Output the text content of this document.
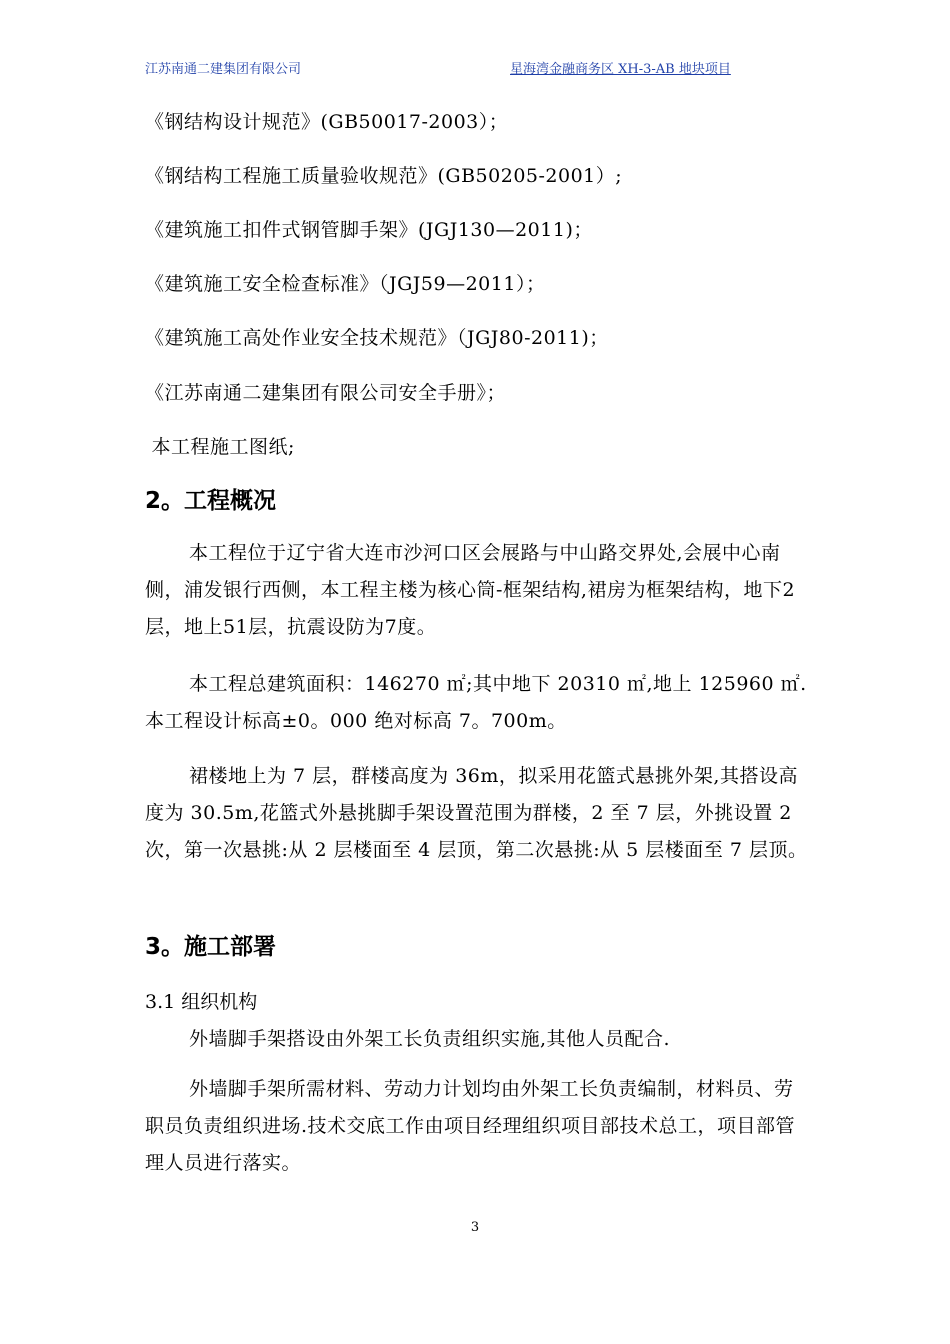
江苏南通二建集团有限公司	星海湾金融商务区 XH-3-AB 地块项目
《钢结构设计规范》(GB50017-2003）；
《钢结构工程施工质量验收规范》(GB50205-2001）;
《建筑施工扣件式钢管脚手架》(JGJ130—2011)；
《建筑施工安全检查标准》（JGJ59—2011）；
《建筑施工高处作业安全技术规范》（JGJ80-2011)；
《江苏南通二建集团有限公司安全手册》；
本工程施工图纸;
2。工程概况
本工程位于辽宁省大连市沙河口区会展路与中山路交界处,会展中心南侧，浦发银行西侧，本工程主楼为核心筒-框架结构,裙房为框架结构，地下2层，地上51层，抗震设防为7度。
本工程总建筑面积：146270 ㎡;其中地下 20310 ㎡,地上 125960 ㎡.本工程设计标高±0。000 绝对标高 7。700m。
裙楼地上为 7 层，群楼高度为 36m，拟采用花篮式悬挑外架,其搭设高度为 30.5m,花篮式外悬挑脚手架设置范围为群楼，2 至 7 层，外挑设置 2 次，第一次悬挑:从 2 层楼面至 4 层顶，第二次悬挑:从 5 层楼面至 7 层顶。
3。施工部署
3.1 组织机构
外墙脚手架搭设由外架工长负责组织实施,其他人员配合.
外墙脚手架所需材料、劳动力计划均由外架工长负责编制，材料员、劳职员负责组织进场.技术交底工作由项目经理组织项目部技术总工，项目部管理人员进行落实。
3
